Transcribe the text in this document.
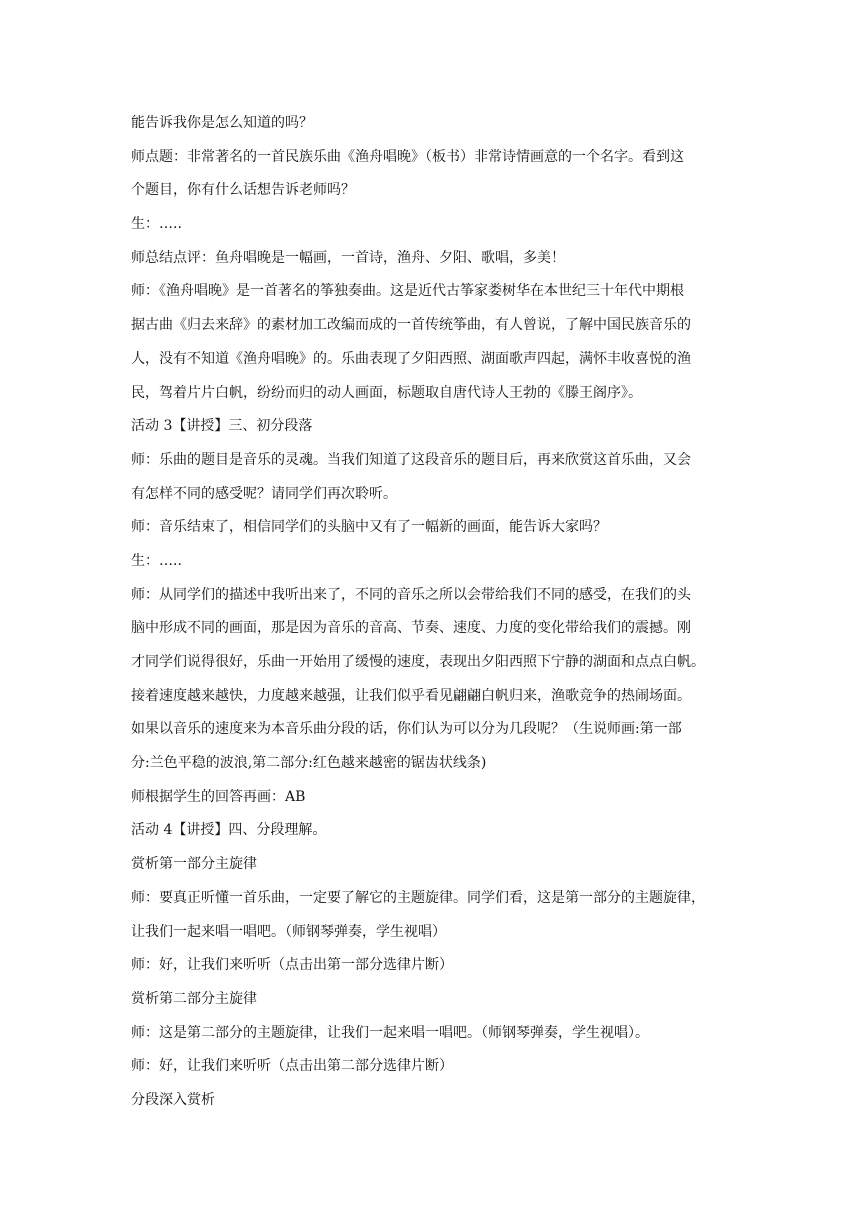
能告诉我你是怎么知道的吗？
师点题：非常著名的一首民族乐曲《渔舟唱晚》（板书）非常诗情画意的一个名字。看到这
个题目，你有什么话想告诉老师吗？
生：…..
师总结点评：鱼舟唱晚是一幅画，一首诗，渔舟、夕阳、歌唱，多美！
师：《渔舟唱晚》是一首著名的筝独奏曲。这是近代古筝家娄树华在本世纪三十年代中期根
据古曲《归去来辞》的素材加工改编而成的一首传统筝曲，有人曾说，了解中国民族音乐的
人，没有不知道《渔舟唱晚》的。乐曲表现了夕阳西照、湖面歌声四起，满怀丰收喜悦的渔
民，驾着片片白帆，纷纷而归的动人画面，标题取自唐代诗人王勃的《滕王阁序》。
活动 3【讲授】三、初分段落
师：乐曲的题目是音乐的灵魂。当我们知道了这段音乐的题目后，再来欣赏这首乐曲，又会
有怎样不同的感受呢？请同学们再次聆听。
师：音乐结束了，相信同学们的头脑中又有了一幅新的画面，能告诉大家吗？
生：…..
师：从同学们的描述中我听出来了，不同的音乐之所以会带给我们不同的感受，在我们的头
脑中形成不同的画面，那是因为音乐的音高、节奏、速度、力度的变化带给我们的震撼。刚
才同学们说得很好，乐曲一开始用了缓慢的速度，表现出夕阳西照下宁静的湖面和点点白帆。
接着速度越来越快，力度越来越强，让我们似乎看见翩翩白帆归来，渔歌竞争的热闹场面。
如果以音乐的速度来为本音乐曲分段的话，你们认为可以分为几段呢？（生说师画:第一部
分:兰色平稳的波浪,第二部分:红色越来越密的锯齿状线条)
师根据学生的回答再画：AB
活动 4【讲授】四、分段理解。
赏析第一部分主旋律
师：要真正听懂一首乐曲，一定要了解它的主题旋律。同学们看，这是第一部分的主题旋律，
让我们一起来唱一唱吧。（师钢琴弹奏，学生视唱）
师：好，让我们来听听（点击出第一部分选律片断）
赏析第二部分主旋律
师：这是第二部分的主题旋律，让我们一起来唱一唱吧。（师钢琴弹奏，学生视唱）。
师：好，让我们来听听（点击出第二部分选律片断）
分段深入赏析
